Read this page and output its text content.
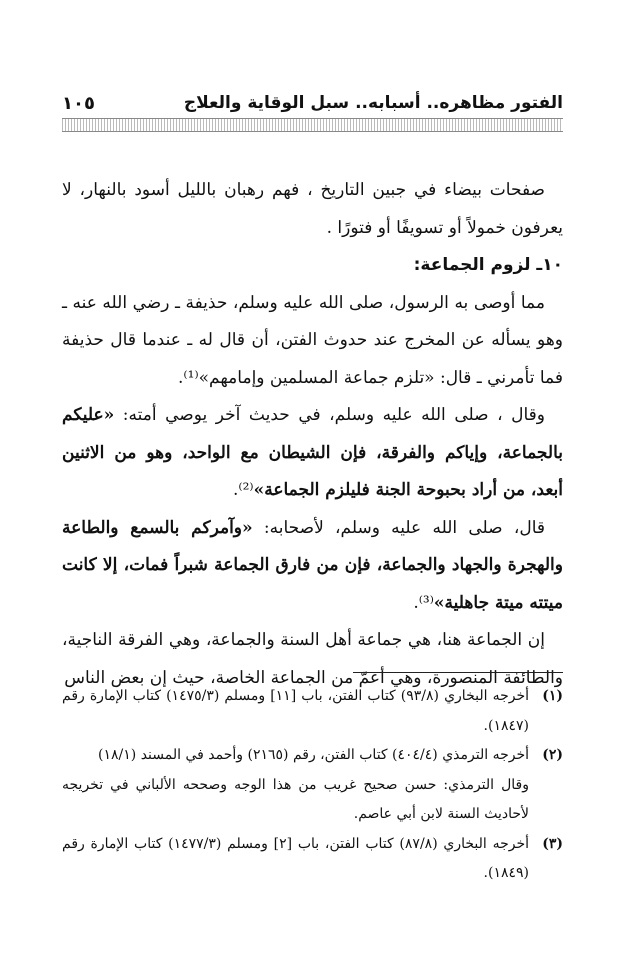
١٠٥	الفتور مظاهره.. أسبابه.. سبل الوقاية والعلاج

صفحات بيضاء في جبين التاريخ ، فهم رهبان بالليل أسود بالنهار، لا يعرفون خمولاً أو تسويفًا أو فتورًا .

١٠ـ لزوم الجماعة:

مما أوصى به الرسول، صلى الله عليه وسلم، حذيفة ـ رضي الله عنه ـ وهو يسأله عن المخرج عند حدوث الفتن، أن قال له ـ عندما قال حذيفة فما تأمرني ـ قال: «تلزم جماعة المسلمين وإمامهم»⁽¹⁾.

وقال ، صلى الله عليه وسلم، في حديث آخر يوصي أمته: «عليكم بالجماعة، وإياكم والفرقة، فإن الشيطان مع الواحد، وهو من الاثنين أبعد، من أراد بحبوحة الجنة فليلزم الجماعة»⁽²⁾.

قال، صلى الله عليه وسلم، لأصحابه: «وآمركم بالسمع والطاعة والهجرة والجهاد والجماعة، فإن من فارق الجماعة شبراً فمات، إلا كانت ميتته ميتة جاهلية»⁽³⁾.

إن الجماعة هنا، هي جماعة أهل السنة والجماعة، وهي الفرقة الناجية، والطائفة المنصورة، وهي أعمّ من الجماعة الخاصة، حيث إن بعض الناس

(١)
أخرجه البخاري (٩٣/٨) كتاب الفتن، باب [١١] ومسلم (١٤٧٥/٣) كتاب الإمارة رقم (١٨٤٧).
(٢)
أخرجه الترمذي (٤٠٤/٤) كتاب الفتن، رقم (٢١٦٥) وأحمد في المسند (١٨/١)
وقال الترمذي: حسن صحيح غريب من هذا الوجه وصححه الألباني في تخريجه لأحاديث السنة لابن أبي عاصم.
(٣)
أخرجه البخاري (٨٧/٨) كتاب الفتن، باب [٢] ومسلم (١٤٧٧/٣) كتاب الإمارة رقم (١٨٤٩).
